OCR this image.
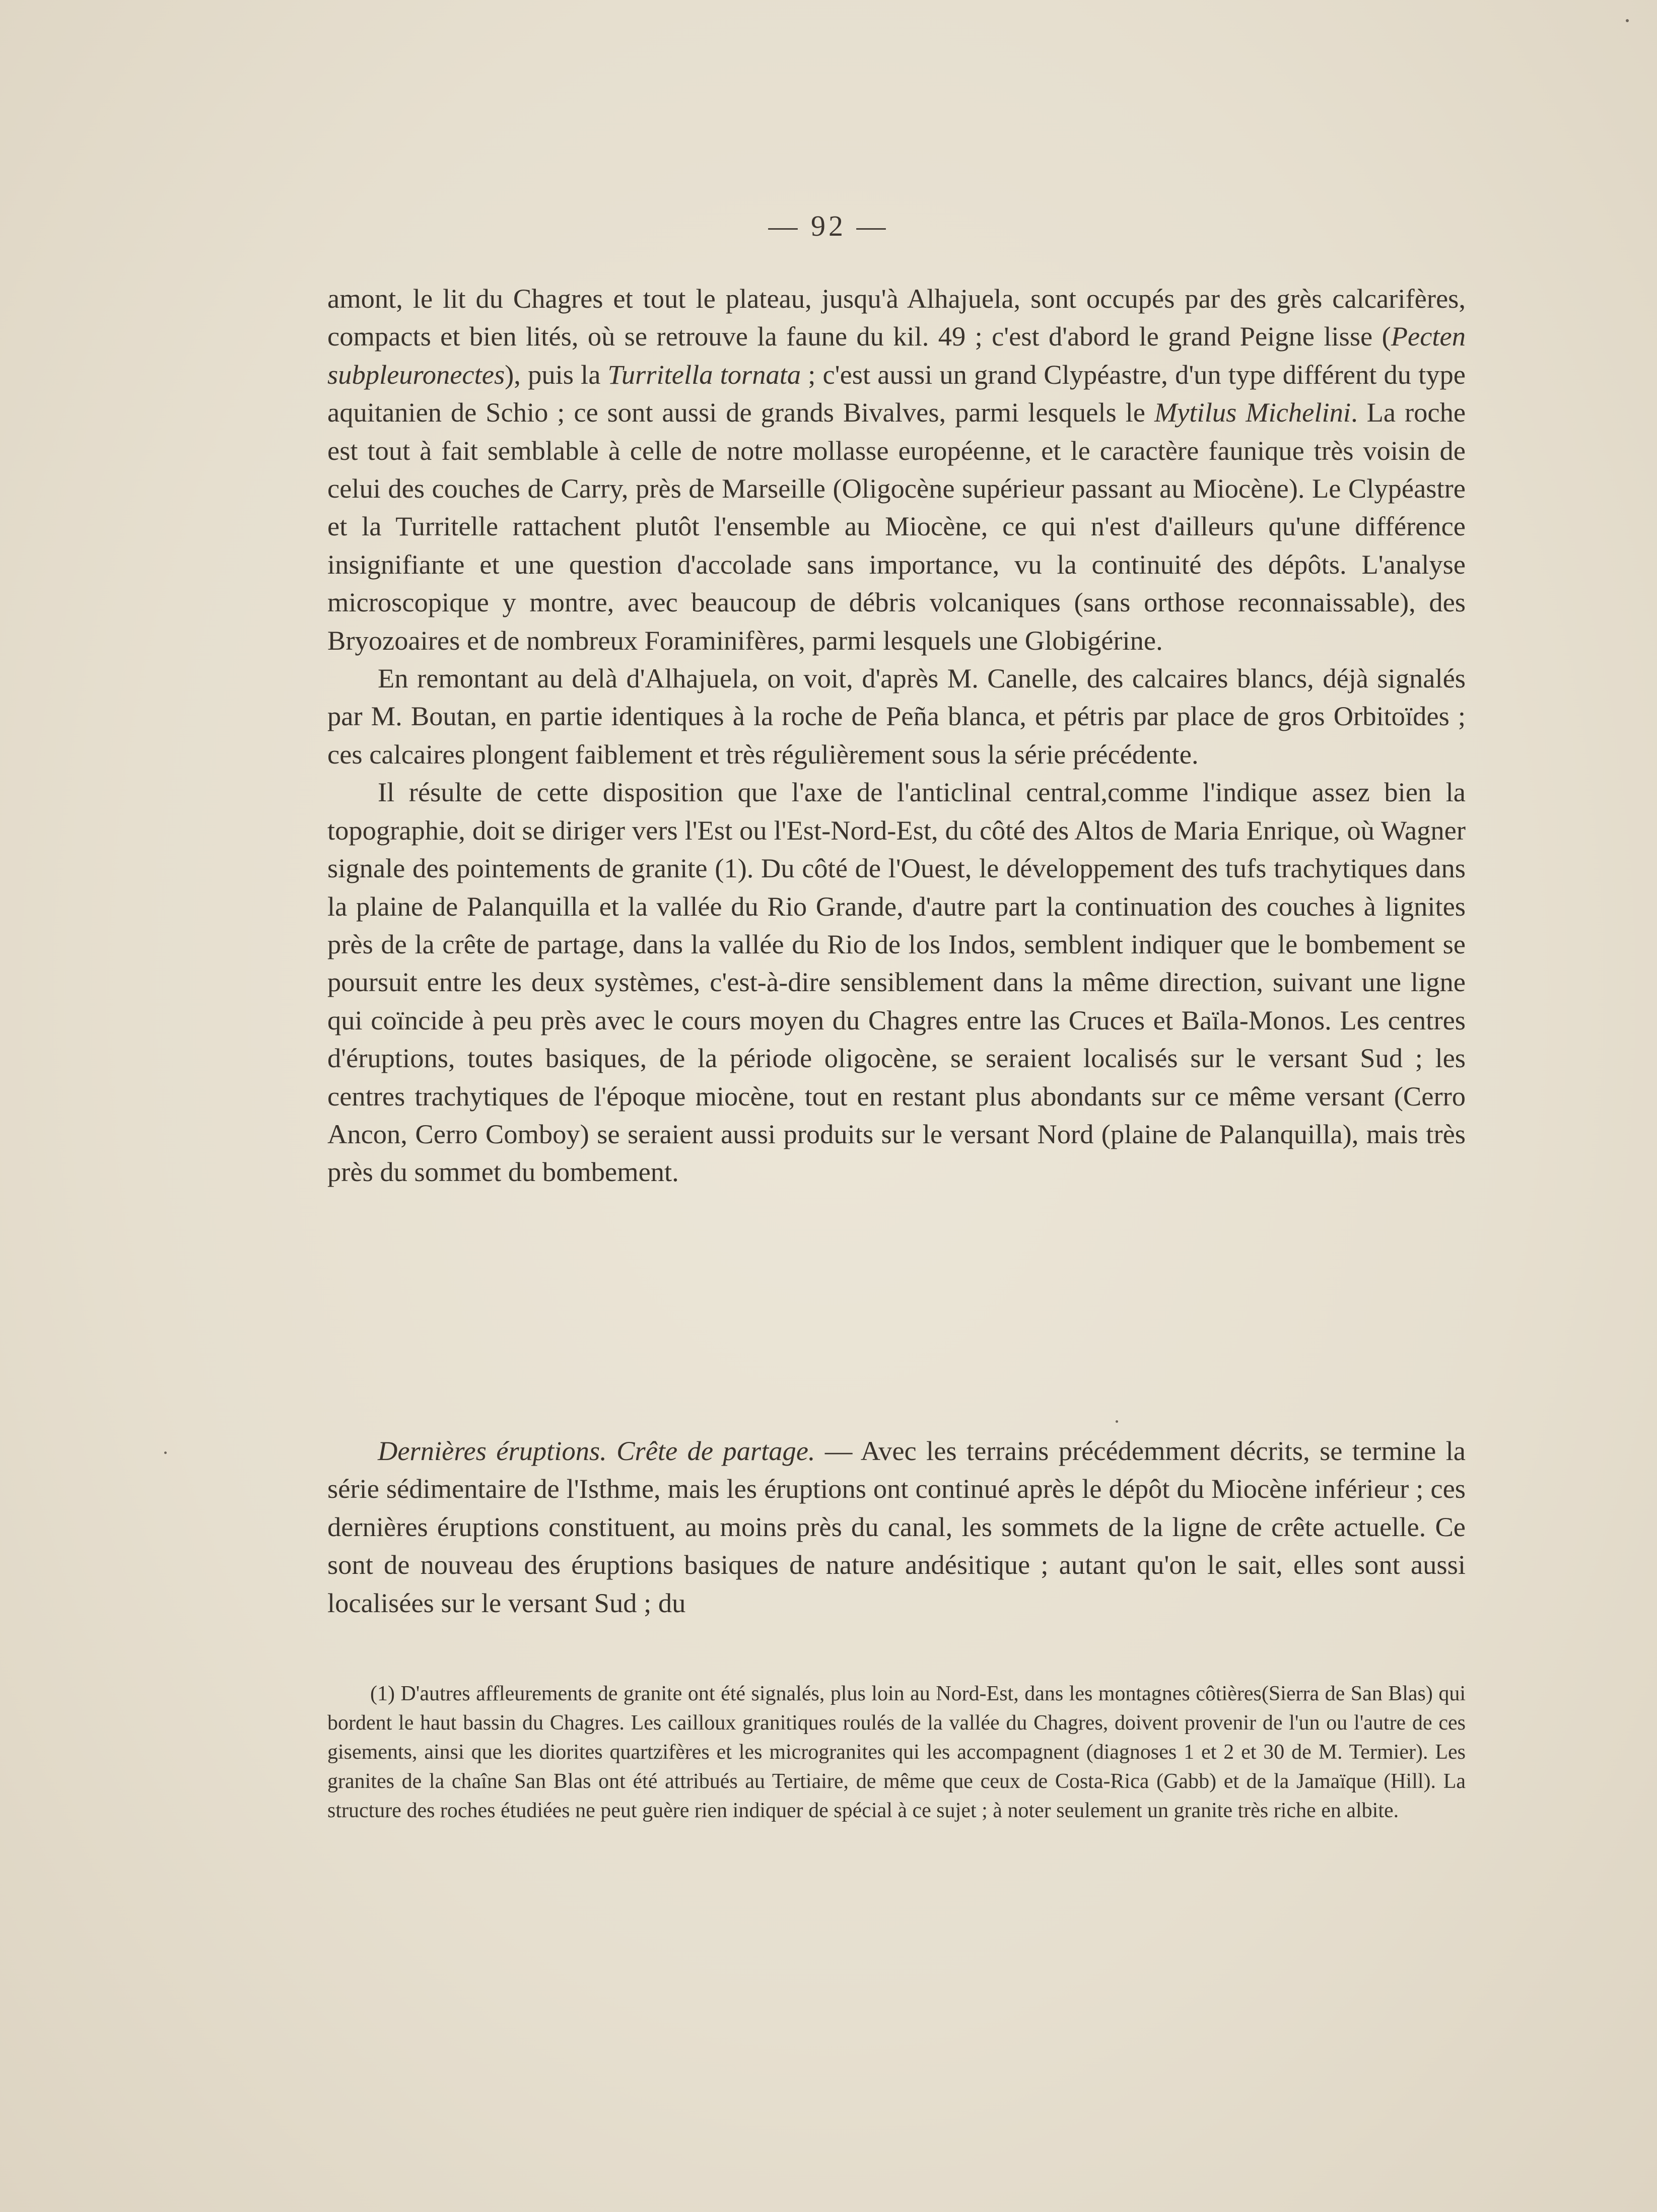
— 92 —

amont, le lit du Chagres et tout le plateau, jusqu'à Alhajuela, sont occupés par des grès calcarifères, compacts et bien lités, où se retrouve la faune du kil. 49 ; c'est d'abord le grand Peigne lisse (Pecten subpleuronectes), puis la Turritella tornata ; c'est aussi un grand Clypéastre, d'un type différent du type aquitanien de Schio ; ce sont aussi de grands Bivalves, parmi lesquels le Mytilus Michelini. La roche est tout à fait semblable à celle de notre mollasse européenne, et le caractère faunique très voisin de celui des couches de Carry, près de Marseille (Oligocène supérieur passant au Miocène). Le Clypéastre et la Turritelle rattachent plutôt l'ensemble au Miocène, ce qui n'est d'ailleurs qu'une différence insignifiante et une question d'accolade sans importance, vu la continuité des dépôts. L'analyse microscopique y montre, avec beaucoup de débris volcaniques (sans orthose reconnaissable), des Bryozoaires et de nombreux Foraminifères, parmi lesquels une Globigérine.

En remontant au delà d'Alhajuela, on voit, d'après M. Canelle, des calcaires blancs, déjà signalés par M. Boutan, en partie identiques à la roche de Peña blanca, et pétris par place de gros Orbitoïdes ; ces calcaires plongent faiblement et très régulièrement sous la série précédente.

Il résulte de cette disposition que l'axe de l'anticlinal central,comme l'indique assez bien la topographie, doit se diriger vers l'Est ou l'Est-Nord-Est, du côté des Altos de Maria Enrique, où Wagner signale des pointements de granite (1). Du côté de l'Ouest, le développement des tufs trachytiques dans la plaine de Palanquilla et la vallée du Rio Grande, d'autre part la continuation des couches à lignites près de la crête de partage, dans la vallée du Rio de los Indos, semblent indiquer que le bombement se poursuit entre les deux systèmes, c'est-à-dire sensiblement dans la même direction, suivant une ligne qui coïncide à peu près avec le cours moyen du Chagres entre las Cruces et Baïla-Monos. Les centres d'éruptions, toutes basiques, de la période oligocène, se seraient localisés sur le versant Sud ; les centres trachytiques de l'époque miocène, tout en restant plus abondants sur ce même versant (Cerro Ancon, Cerro Comboy) se seraient aussi produits sur le versant Nord (plaine de Palanquilla), mais très près du sommet du bombement.

Dernières éruptions. Crête de partage. — Avec les terrains précédemment décrits, se termine la série sédimentaire de l'Isthme, mais les éruptions ont continué après le dépôt du Miocène inférieur ; ces dernières éruptions constituent, au moins près du canal, les sommets de la ligne de crête actuelle. Ce sont de nouveau des éruptions basiques de nature andésitique ; autant qu'on le sait, elles sont aussi localisées sur le versant Sud ; du

(1) D'autres affleurements de granite ont été signalés, plus loin au Nord-Est, dans les montagnes côtières(Sierra de San Blas) qui bordent le haut bassin du Chagres. Les cailloux granitiques roulés de la vallée du Chagres, doivent provenir de l'un ou l'autre de ces gisements, ainsi que les diorites quartzifères et les microgranites qui les accompagnent (diagnoses 1 et 2 et 30 de M. Termier). Les granites de la chaîne San Blas ont été attribués au Tertiaire, de même que ceux de Costa-Rica (Gabb) et de la Jamaïque (Hill). La structure des roches étudiées ne peut guère rien indiquer de spécial à ce sujet ; à noter seulement un granite très riche en albite.
